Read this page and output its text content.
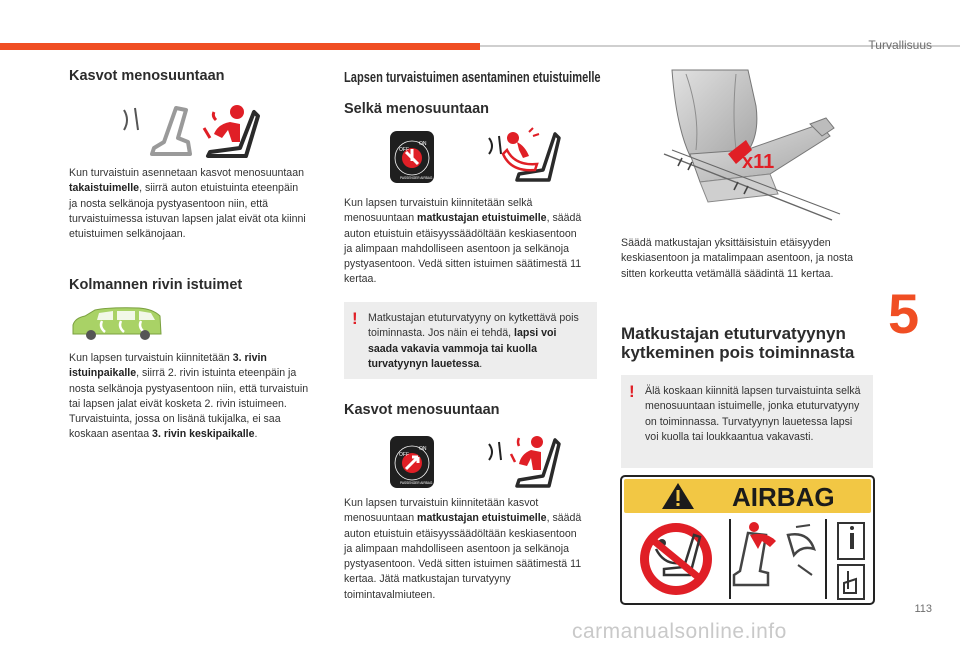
Turvallisuus
5
113
carmanualsonline.info
Kasvot menosuuntaan
Kun turvaistuin asennetaan kasvot menosuuntaan takaistuimelle, siirrä auton etuistuinta eteenpäin ja nosta selkänoja pystyasentoon niin, että turvaistuimessa istuvan lapsen jalat eivät ota kiinni etuistuimen selkänojaan.
Kolmannen rivin istuimet
Kun lapsen turvaistuin kiinnitetään 3. rivin istuinpaikalle, siirrä 2. rivin istuinta eteenpäin ja nosta selkänoja pystyasentoon niin, että turvaistuin tai lapsen jalat eivät kosketa 2. rivin istuimeen.
Turvaistuinta, jossa on lisänä tukijalka, ei saa koskaan asentaa 3. rivin keskipaikalle.
Lapsen turvaistuimen asentaminen etuistuimelle
Selkä menosuuntaan
OFF
ON
PASSENGER AIRBAG
Kun lapsen turvaistuin kiinnitetään selkä menosuuntaan matkustajan etuistuimelle, säädä auton etuistuin etäisyyssäädöltään keskiasentoon ja alimpaan mahdolliseen asentoon ja selkänoja pystyasentoon. Vedä sitten istuimen säätimestä 11 kertaa.
! Matkustajan etuturvatyyny on kytkettävä pois toiminnasta. Jos näin ei tehdä, lapsi voi saada vakavia vammoja tai kuolla turvatyynyn lauetessa.
Kasvot menosuuntaan
OFF
ON
PASSENGER AIRBAG
Kun lapsen turvaistuin kiinnitetään kasvot menosuuntaan matkustajan etuistuimelle, säädä auton etuistuin etäisyyssäädöltään keskiasentoon ja alimpaan mahdolliseen asentoon ja selkänoja pystyasentoon. Vedä sitten istuimen säätimestä 11 kertaa. Jätä matkustajan turvatyyny toimintavalmiuteen.
x11
Säädä matkustajan yksittäisistuin etäisyyden keskiasentoon ja matalimpaan asentoon, ja nosta sitten korkeutta vetämällä säädintä 11 kertaa.
Matkustajan etuturvatyynyn kytkeminen pois toiminnasta
! Älä koskaan kiinnitä lapsen turvaistuinta selkä menosuuntaan istuimelle, jonka etuturvatyyny on toiminnassa. Turvatyynyn lauetessa lapsi voi kuolla tai loukkaantua vakavasti.
AIRBAG
